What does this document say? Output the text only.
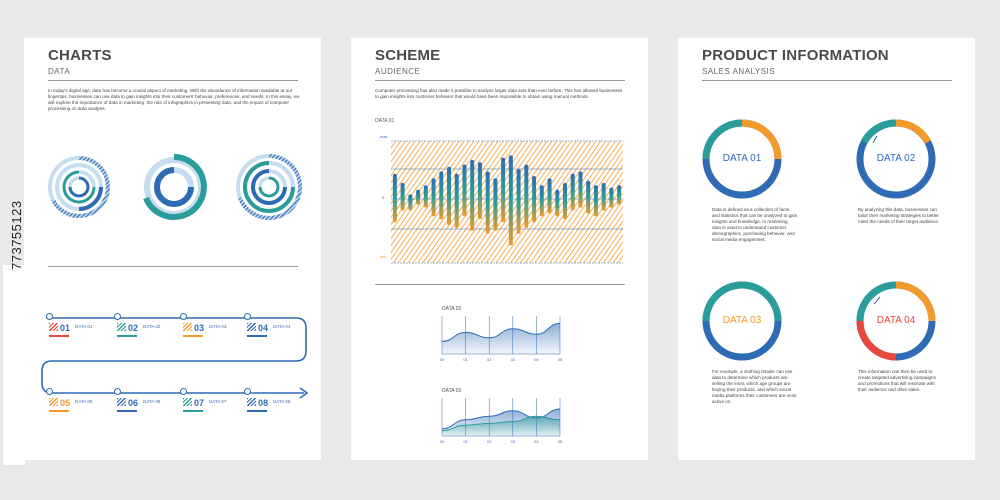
CHARTS
DATA
In today's digital age, data has become a crucial aspect of marketing. With the abundance of information available at our fingertips, businesses can use data to gain insights into their customers' behavior, preferences, and needs. In this essay, we will explore the importance of data in marketing, the role of infographics in presenting data, and the impact of computer processing on data analysis.
01 DATA 01	02 DATA 02	03 DATA 03	04 DATA 04
05 DATA 05	06 DATA 06	07 DATA 07	08 DATA 08
SCHEME
AUDIENCE
Computer processing has also made it possible to analyze larger data sets than ever before. This has allowed businesses to gain insights into customer behavior that would have been impossible to obtain using manual methods.
DATA 01
max
0
min
DATA 02
00	01	02	03	04	05
DATA 03
00	01	02	03	04	05
PRODUCT INFORMATION
SALES ANALYSIS
DATA 01	DATA 02
DATA 03	DATA 04
Data is defined as a collection of facts and statistics that can be analyzed to gain insights and knowledge. In marketing, data is used to understand customer demographics, purchasing behavior, and social media engagement.
By analyzing this data, businesses can tailor their marketing strategies to better meet the needs of their target audience.
For example, a clothing retailer can use data to determine which products are selling the most, which age groups are buying their products, and which social media platforms their customers are most active on.
This information can then be used to create targeted advertising campaigns and promotions that will resonate with their audience and drive sales.
773755123
